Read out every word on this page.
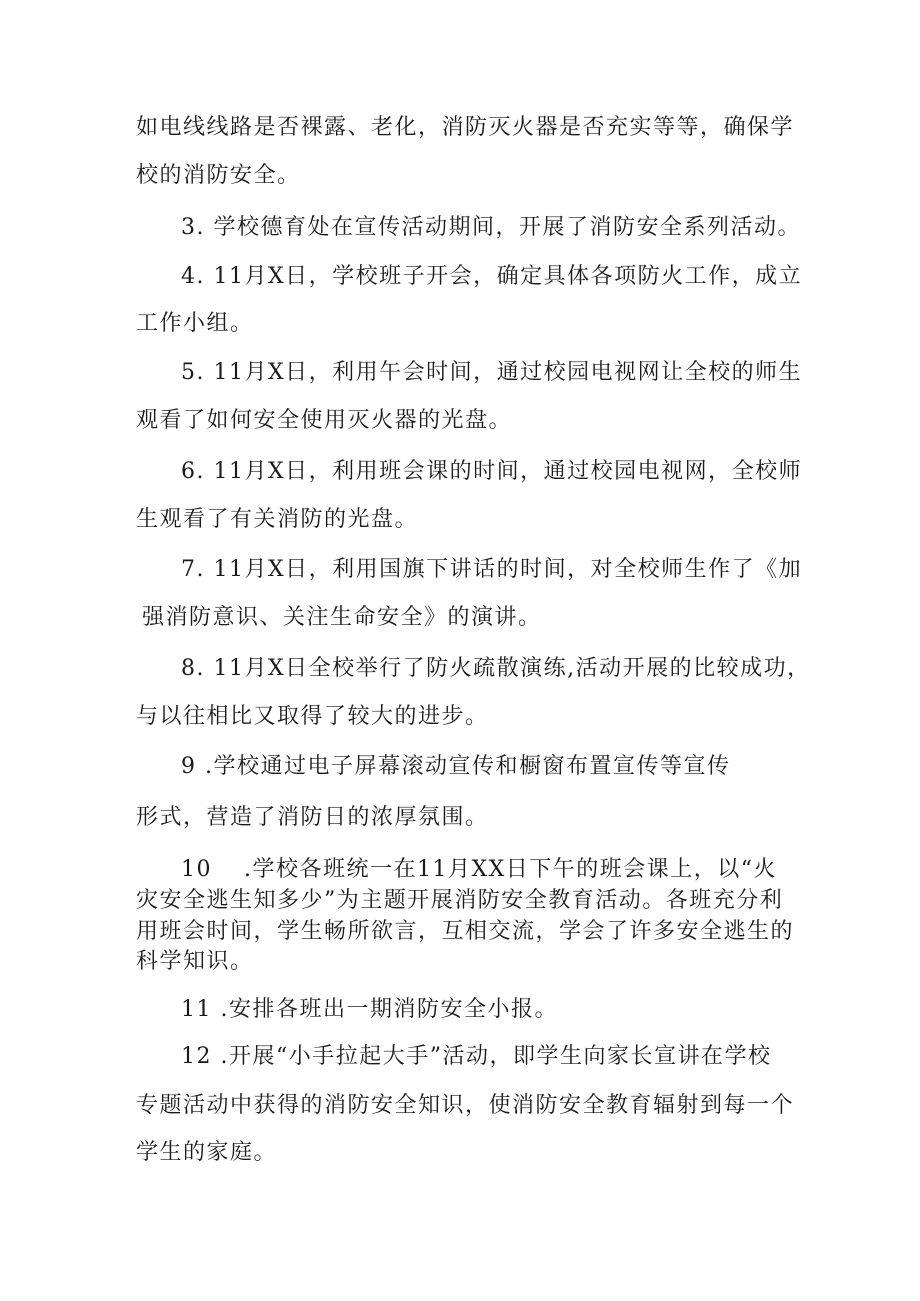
如电线线路是否裸露、老化，消防灭火器是否充实等等，确保学
校的消防安全。
3. 学校德育处在宣传活动期间，开展了消防安全系列活动。
4. 11月X日，学校班子开会，确定具体各项防火工作，成立
工作小组。
5. 11月X日，利用午会时间，通过校园电视网让全校的师生
观看了如何安全使用灭火器的光盘。
6. 11月X日，利用班会课的时间，通过校园电视网，全校师
生观看了有关消防的光盘。
7. 11月X日，利用国旗下讲话的时间，对全校师生作了《加
强消防意识、关注生命安全》的演讲。
8. 11月X日全校举行了防火疏散演练,活动开展的比较成功，
与以往相比又取得了较大的进步。
9 .学校通过电子屏幕滚动宣传和橱窗布置宣传等宣传
形式，营造了消防日的浓厚氛围。
10　 .学校各班统一在11月XX日下午的班会课上，以“火
灾安全逃生知多少”为主题开展消防安全教育活动。各班充分利
用班会时间，学生畅所欲言，互相交流，学会了许多安全逃生的
科学知识。
11 .安排各班出一期消防安全小报。
12 .开展“小手拉起大手”活动，即学生向家长宣讲在学校
专题活动中获得的消防安全知识，使消防安全教育辐射到每一个
学生的家庭。
